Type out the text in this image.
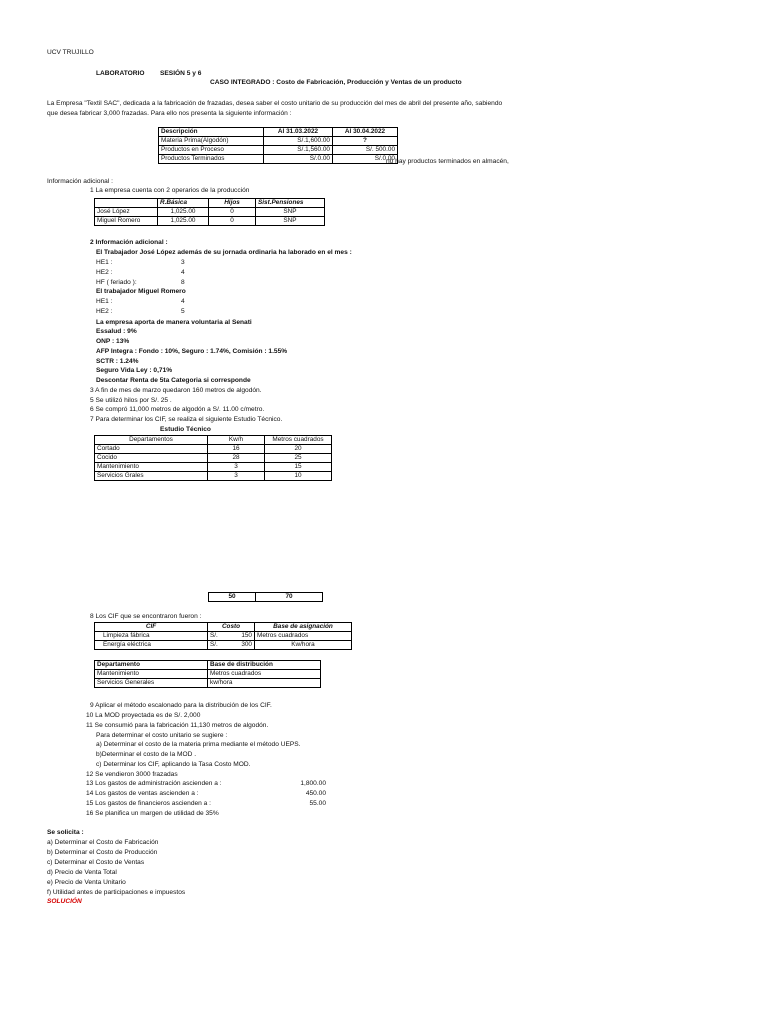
UCV TRUJILLO
LABORATORIO SESIÓN 5 y 6
CASO INTEGRADO : Costo de Fabricación, Producción y Ventas de un producto
La Empresa "Textil SAC", dedicada a la fabricación de frazadas, desea saber el costo unitario de su producción del mes de abril del presente año, sabiendo
que desea fabricar 3,000 frazadas. Para ello nos presenta la siguiente información :
Descripción	Al 31.03.2022	Al 30.04.2022
Materia Prima(Algodón)	S/.1,600.00	?
Productos en Proceso	S/.1,560.00	S/. 500.00
Productos Terminados	S/.0.00	S/.0.00
no hay productos terminados en almacén,
Información adicional :
1 La empresa cuenta con 2 operarios de la producción
	R.Básica	Hijos	Sist.Pensiones
José López	1,025.00	0	SNP
Miguel Romero	1,025.00	0	SNP
2 Información adicional :
El Trabajador José López además de su jornada ordinaria ha laborado en el mes :
HE1 :	3
HE2 :	4
HF ( feriado ):	8
El trabajador Miguel Romero
HE1 :	4
HE2 :	5
La empresa aporta de manera voluntaria al Senati
Essalud : 9%
ONP : 13%
AFP Integra : Fondo : 10%, Seguro : 1.74%, Comisión : 1.55%
SCTR : 1.24%
Seguro Vida Ley : 0,71%
Descontar Renta de 5ta Categoria si corresponde
3 A fin de mes de marzo quedaron 160 metros de algodón.
5 Se utilizó hilos por S/. 25 .
6 Se compró 11,000 metros de algodón a S/. 11.00 c/metro.
7 Para determinar los CIF, se realiza el siguiente Estudio Técnico.
Estudio Técnico
Departamentos	Kw/h	Metros cuadrados
Cortado	16	20
Cocido	28	25
Mantenimiento	3	15
Servicios Grales	3	10
50	70
8 Los CIF que se encontraron fueron :
CIF	Costo		Base de asignación
Limpieza fábrica	S/.	150	Metros cuadrados
Energía eléctrica	S/.	300	Kw/hora
Departamento	Base de distribución
Mantenimiento	Metros cuadrados
Servicios Generales	kw/hora
9 Aplicar el método escalonado para la distribución de los CIF.
10 La MOD proyectada es de S/. 2,000
11 Se consumió para la fabricación 11,130 metros de algodón.
Para determinar el costo unitario se sugiere :
a) Determinar el costo de la materia prima mediante el método UEPS.
b)Determinar el costo de la MOD .
c) Determinar los CIF, aplicando la Tasa Costo MOD.
12 Se vendieron 3000 frazadas
13 Los gastos de administración ascienden a :	1,800.00
14 Los gastos de ventas ascienden a :	450.00
15 Los gastos de financieros ascienden a :	55.00
16 Se planifica un margen de utilidad de 35%
Se solicita :
a) Determinar el Costo de Fabricación
b) Determinar el Costo de Producción
c) Determinar el Costo de Ventas
d) Precio de Venta Total
e) Precio de Venta Unitario
f) Utilidad antes de participaciones e impuestos
SOLUCIÓN
